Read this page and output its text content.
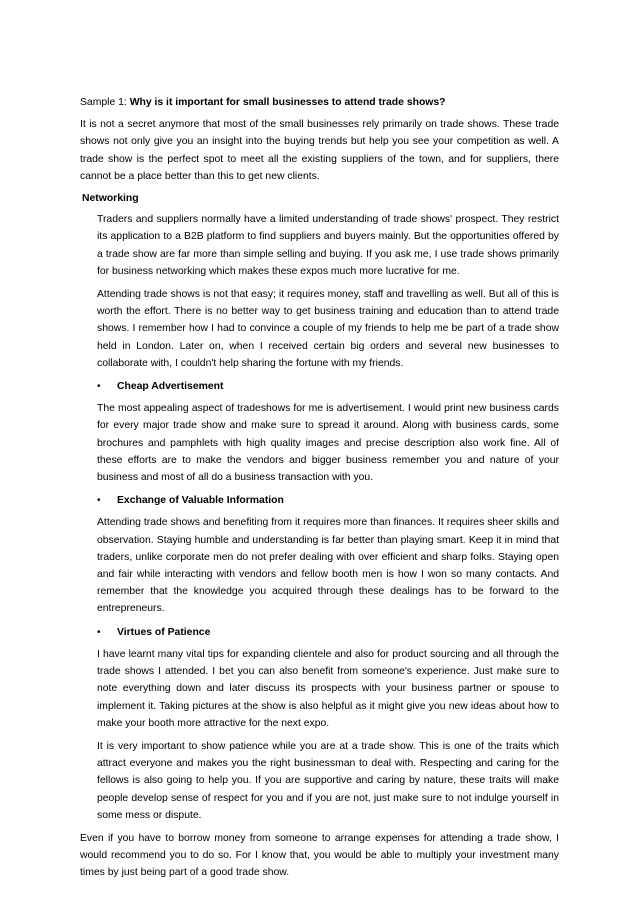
Sample 1: Why is it important for small businesses to attend trade shows?

It is not a secret anymore that most of the small businesses rely primarily on trade shows. These trade shows not only give you an insight into the buying trends but help you see your competition as well. A trade show is the perfect spot to meet all the existing suppliers of the town, and for suppliers, there cannot be a place better than this to get new clients.

Networking

Traders and suppliers normally have a limited understanding of trade shows' prospect. They restrict its application to a B2B platform to find suppliers and buyers mainly. But the opportunities offered by a trade show are far more than simple selling and buying. If you ask me, I use trade shows primarily for business networking which makes these expos much more lucrative for me.

Attending trade shows is not that easy; it requires money, staff and travelling as well. But all of this is worth the effort. There is no better way to get business training and education than to attend trade shows. I remember how I had to convince a couple of my friends to help me be part of a trade show held in London. Later on, when I received certain big orders and several new businesses to collaborate with, I couldn't help sharing the fortune with my friends.

•	Cheap Advertisement

The most appealing aspect of tradeshows for me is advertisement. I would print new business cards for every major trade show and make sure to spread it around. Along with business cards, some brochures and pamphlets with high quality images and precise description also work fine. All of these efforts are to make the vendors and bigger business remember you and nature of your business and most of all do a business transaction with you.

•	Exchange of Valuable Information

Attending trade shows and benefiting from it requires more than finances. It requires sheer skills and observation. Staying humble and understanding is far better than playing smart. Keep it in mind that traders, unlike corporate men do not prefer dealing with over efficient and sharp folks. Staying open and fair while interacting with vendors and fellow booth men is how I won so many contacts. And remember that the knowledge you acquired through these dealings has to be forward to the entrepreneurs.

•	Virtues of Patience

I have learnt many vital tips for expanding clientele and also for product sourcing and all through the trade shows I attended. I bet you can also benefit from someone's experience. Just make sure to note everything down and later discuss its prospects with your business partner or spouse to implement it. Taking pictures at the show is also helpful as it might give you new ideas about how to make your booth more attractive for the next expo.

It is very important to show patience while you are at a trade show. This is one of the traits which attract everyone and makes you the right businessman to deal with. Respecting and caring for the fellows is also going to help you. If you are supportive and caring by nature, these traits will make people develop sense of respect for you and if you are not, just make sure to not indulge yourself in some mess or dispute.

Even if you have to borrow money from someone to arrange expenses for attending a trade show, I would recommend you to do so. For I know that, you would be able to multiply your investment many times by just being part of a good trade show.
